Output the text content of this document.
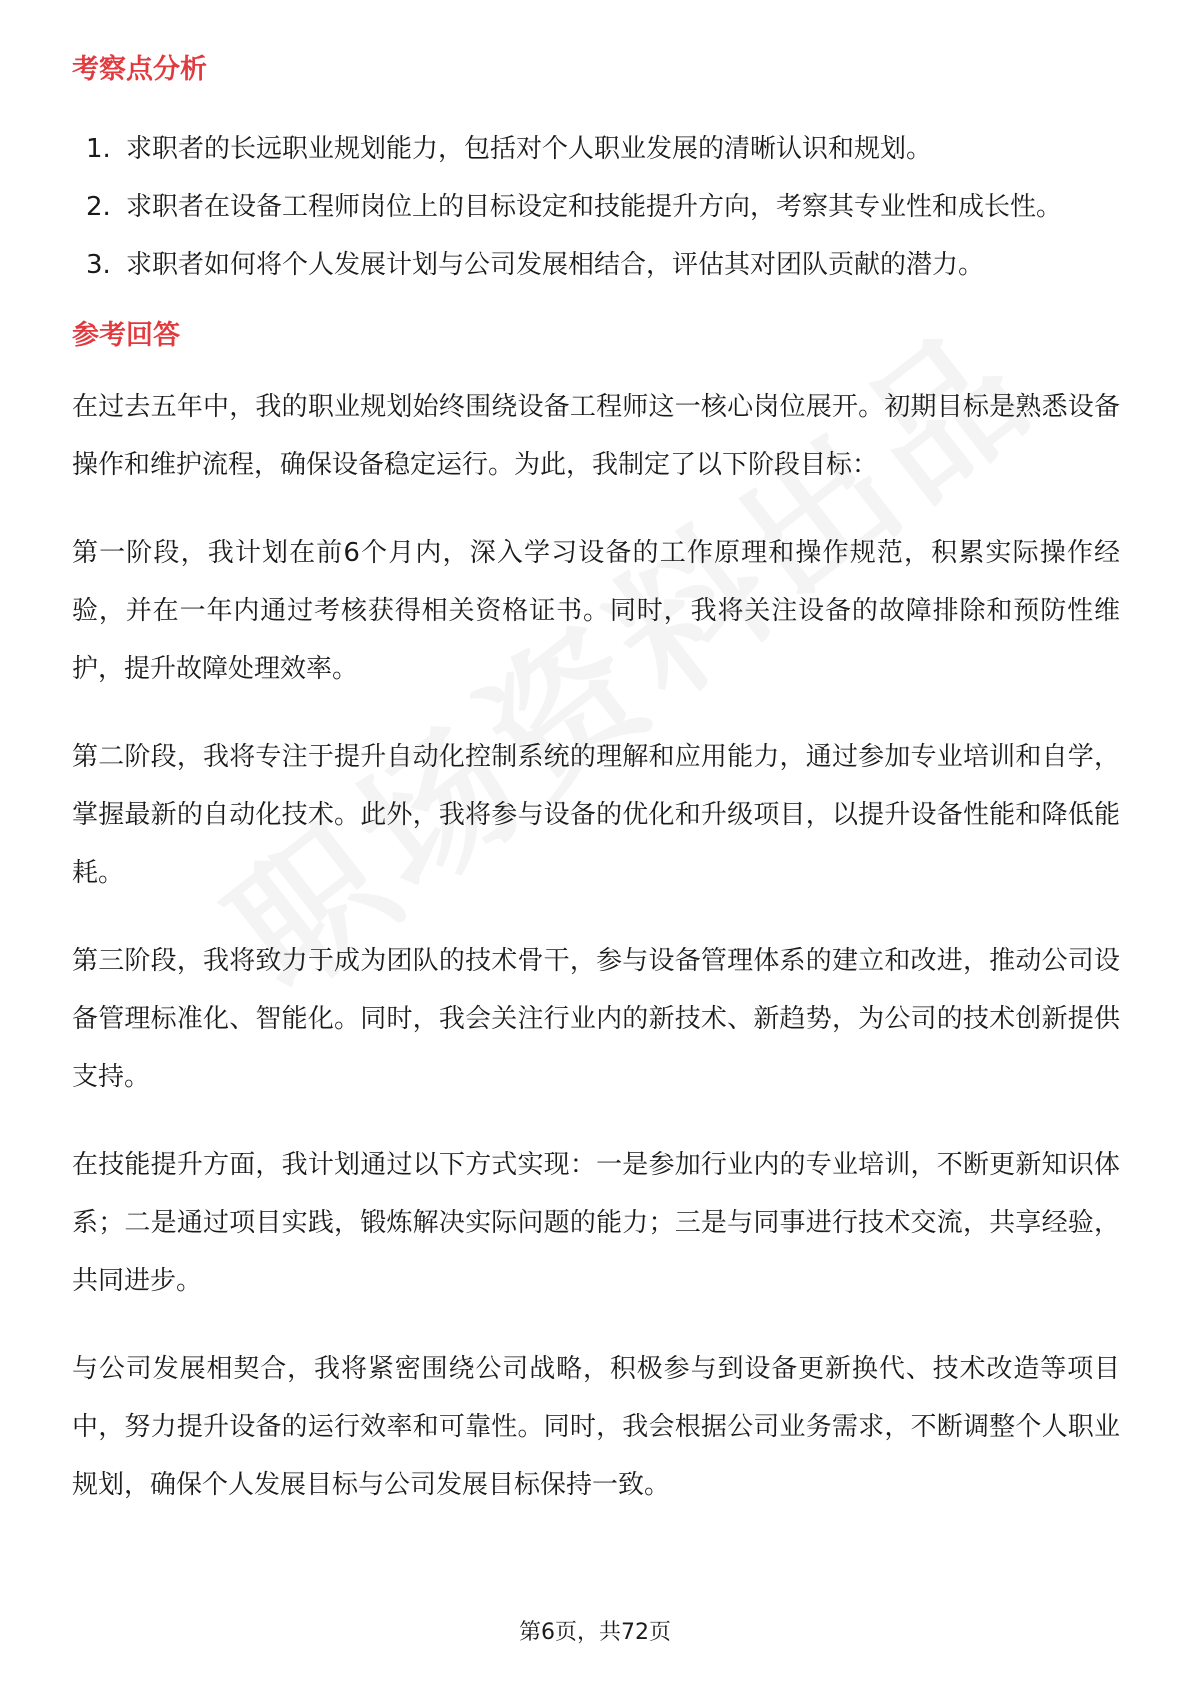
考察点分析
1. 求职者的长远职业规划能力，包括对个人职业发展的清晰认识和规划。
2. 求职者在设备工程师岗位上的目标设定和技能提升方向，考察其专业性和成长性。
3. 求职者如何将个人发展计划与公司发展相结合，评估其对团队贡献的潜力。
参考回答

在过去五年中，我的职业规划始终围绕设备工程师这一核心岗位展开。初期目标是熟悉设备操作和维护流程，确保设备稳定运行。为此，我制定了以下阶段目标：

第一阶段，我计划在前6个月内，深入学习设备的工作原理和操作规范，积累实际操作经验，并在一年内通过考核获得相关资格证书。同时，我将关注设备的故障排除和预防性维护，提升故障处理效率。

第二阶段，我将专注于提升自动化控制系统的理解和应用能力，通过参加专业培训和自学，掌握最新的自动化技术。此外，我将参与设备的优化和升级项目，以提升设备性能和降低能耗。

第三阶段，我将致力于成为团队的技术骨干，参与设备管理体系的建立和改进，推动公司设备管理标准化、智能化。同时，我会关注行业内的新技术、新趋势，为公司的技术创新提供支持。

在技能提升方面，我计划通过以下方式实现：一是参加行业内的专业培训，不断更新知识体系；二是通过项目实践，锻炼解决实际问题的能力；三是与同事进行技术交流，共享经验，共同进步。

与公司发展相契合，我将紧密围绕公司战略，积极参与到设备更新换代、技术改造等项目中，努力提升设备的运行效率和可靠性。同时，我会根据公司业务需求，不断调整个人职业规划，确保个人发展目标与公司发展目标保持一致。

第6页，共72页
